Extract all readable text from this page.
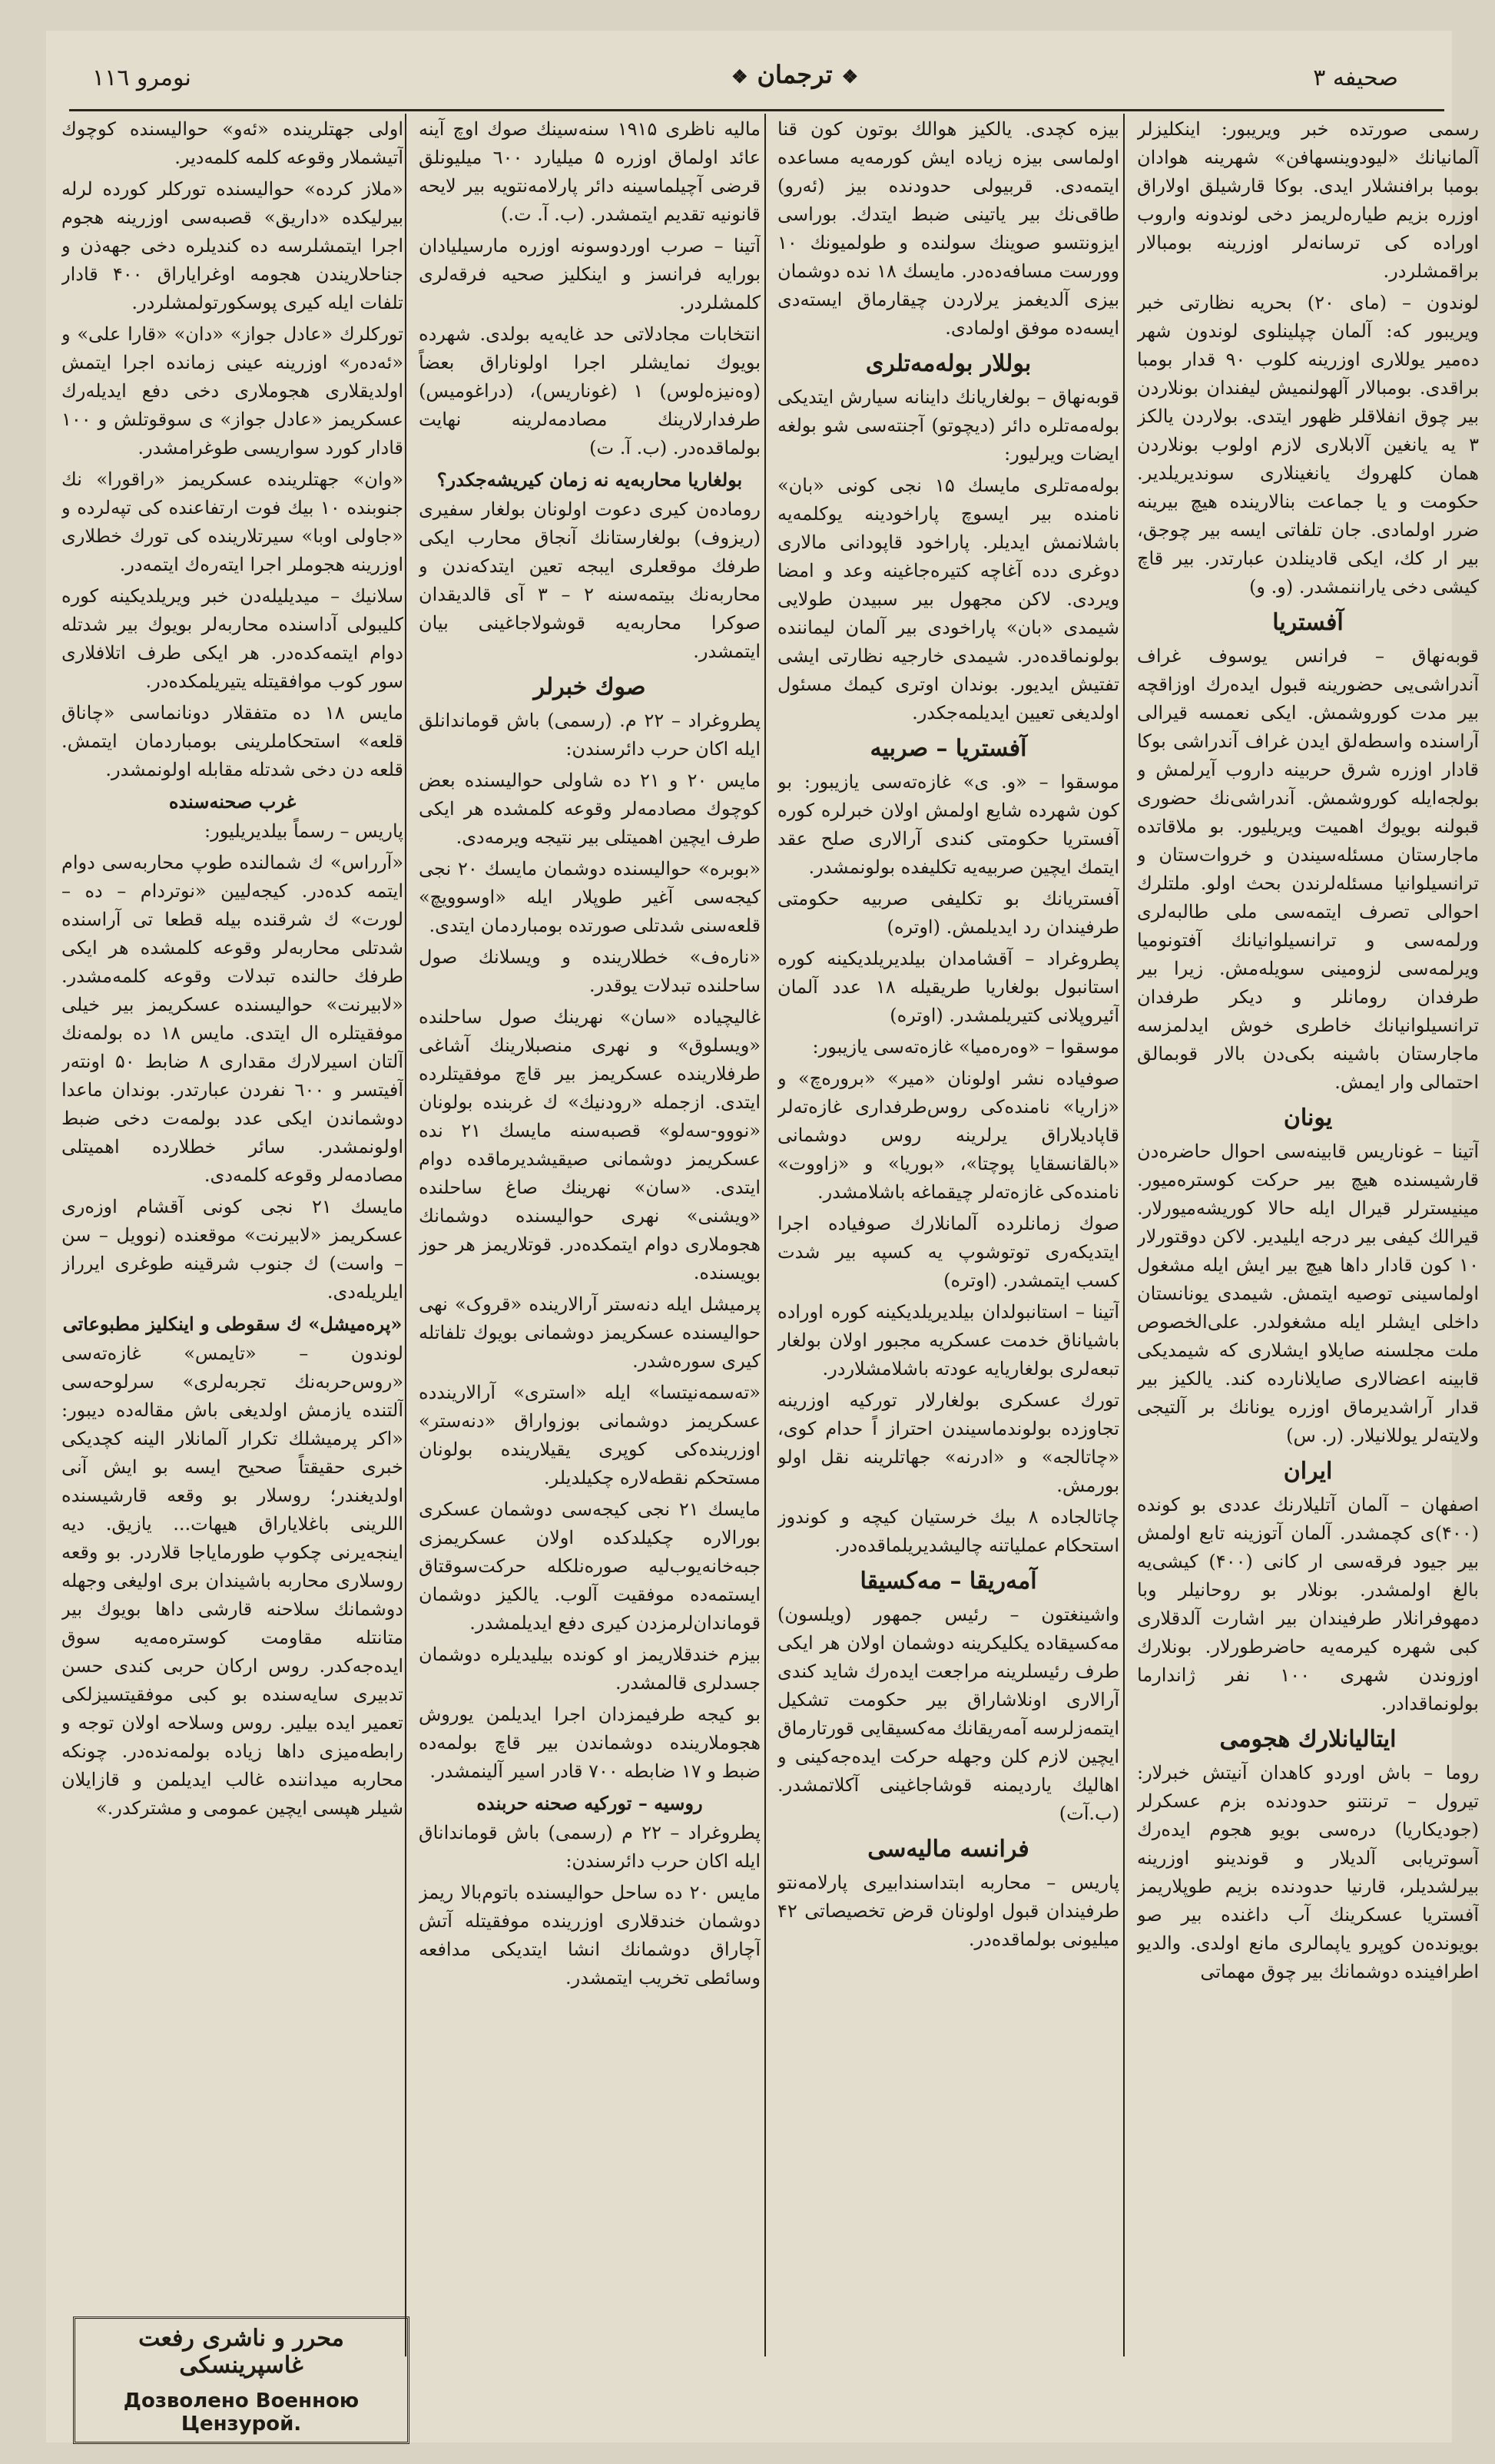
صحیفه ۳
❖ترجمان❖
نومرو ۱۱٦

رسمی صورتده خبر ویریبور: اینکلیزلر آلمانیانك «لیودوینسهافن» شهرینه هوادان بومبا برافنشلار ایدی. بوکا قارشیلق اولاراق اوزره بزیم طیاره‌لریمز دخی لوندونه واروب اوراده کی ترسانه‌لر اوزرینه بومبالار براقمشلردر.

لوندون – (مای ۲۰) بحریه نظارتی خبر ویریبور که: آلمان چپلینلوی لوندون شهر ده‌میر یوللاری اوزرینه کلوب ۹۰ قدار بومبا براقدی. بومبالار آلهولنمیش لیفندان بونلاردن بیر چوق انفلاقلر ظهور ایتدی. بولاردن یالکز ۳ یه یانغین آلابلاری لازم اولوب بونلاردن همان کلهروك یانغینلاری سوندیریلدیر. حکومت و یا جماعت بنالارینده هیچ بیرینه ضرر اولمادی. جان تلفاتی ایسه بیر چوجق، بیر ار کك، ایکی قادینلدن عبارتدر. بیر قاچ کیشی دخی یاراننمشدر. (و. و)

آفستریا

قوبه‌نهاق – فرانس یوسوف غراف آندراشی‌یی حضورینه قبول ایده‌رك اوزاقچه بیر مدت کوروشمش. ایکی نعمسه قیرالی آراسنده واسطه‌لق ایدن غراف آندراشی بوکا قادار اوزره شرق حربینه داروب آیرلمش و بولجه‌ایله کوروشمش. آندراشی‌نك حضوری قبولنه بویوك اهمیت ویریلیور. بو ملاقاتده ماجارستان مسئله‌سیندن و خروات‌ستان و ترانسیلوانیا مسئله‌لرندن بحث اولو. ملتلرك احوالی تصرف ایتمه‌سی ملی طالبه‌لری ورلمه‌سی و ترانسیلوانیانك آفتونومیا ویرلمه‌سی لزومینی سویله‌مش. زیرا بیر طرفدان رومانلر و دیکر طرفدان ترانسیلوانیانك خاطری خوش ایدلمزسه ماجارستان باشینه بکی‌دن بالار قوبمالق احتمالی وار ایمش.

یونان

آتینا – غوناریس قابینه‌سی احوال حاضره‌دن قارشیسنده هیچ بیر حرکت کوستره‌میور. مینیسترلر قیرال ایله حالا کوریشه‌میورلار. قیرالك کیفی بیر درجه ایلیدیر. لاکن دوقتورلار ۱۰ کون قادار داها هیچ بیر ایش ایله مشغول اولماسینی توصیه ایتمش. شیمدی یونانستان داخلی ایشلر ایله مشغولدر. علی‌الخصوص ملت مجلسنه صایلاو ایشلاری که شیمدیکی قابینه اعضالاری صایلانارده کند. یالکیز بیر قدار آراشدیرماق اوزره یونانك بر آلتیجی ولایته‌لر یوللانیلار. (ر. س)

ایران

اصفهان – آلمان آتلیلارنك عددی بو کونده (۴۰۰)ی کچمشدر. آلمان آتوزینه تابع اولمش بیر جیود فرقه‌سی ار کانی (۴۰۰) کیشی‌یه بالغ اولمشدر. بونلار بو روحانیلر وبا دمهوفرانلار طرفیندان بیر اشارت آلدقلاری کبی شهره کیرمه‌یه حاضرطورلار. بونلارك اوزوندن شهری ۱۰۰ نفر ژاندارما بولونماقدادر.

ایتالیانلارك هجومی

روما – باش اوردو کاهدان آنیتش خبرلار: تیرول – ترنتنو حدودنده بزم عسکرلر (جودیکاریا) دره‌سی بویو هجوم ایده‌رك آسوتریابی آلدیلار و قوندینو اوزرینه بیرلشدیلر، قارنیا حدودنده بزیم طوپلاریمز آفستریا عسکرینك آب داغنده بیر صو بویونده‌ن کوپرو یاپمالری مانع اولدی. والدیو اطرافینده دوشمانك بیر چوق مهماتی

بیزه کچدی. یالکیز هوالك بوتون کون قنا اولماسی بیزه زیاده ایش کورمه‌یه مساعده ایتمه‌دی. قربیولی حدودنده بیز (ئه‌رو) طاقی‌نك بیر یاتینی ضبط ایتدك. بوراسی ایزونتسو صوینك سولنده و طولمیونك ۱۰ وورست مسافه‌ده‌در. مایسك ۱۸ نده دوشمان بیزی آلدیغمز یرلاردن چیقارماق ایسته‌دی ایسه‌ده موفق اولمادی.

بوللار بوله‌مه‌تلری

قوبه‌نهاق – بولغاریانك داینانه سیارش ایتدیکی بوله‌مه‌تلره دائر (دیچوتو) آجنته‌سی شو بولغه ایضات ویرلیور:

بوله‌مه‌تلری مایسك ۱۵ نجی کونی «بان» نامنده بیر ایسوچ پاراخودینه یوکلمه‌یه باشلانمش ایدیلر. پاراخود قاپودانی مالاری دوغری دده آغاچه کتیره‌جاغینه وعد و امضا ویردی. لاکن مجهول بیر سبیدن طولایی شیمدی «بان» پاراخودی بیر آلمان لیماننده بولونماقده‌در. شیمدی خارجیه نظارتی ایشی تفتیش ایدیور. بوندان اوتری کیمك مسئول اولدیغی تعیین ایدیلمه‌جکدر.

آفستریا – صربیه

موسقوا – «و. ی» غازه‌ته‌سی یازیبور: بو کون شهرده شایع اولمش اولان خبرلره کوره آفستریا حکومتی کندی آرالاری صلح عقد ایتمك ایچین صربیه‌یه تکلیفده بولونمشدر.

آفستریانك بو تکلیفی صربیه حکومتی طرفیندان رد ایدیلمش. (اوتره)

پطروغراد – آقشامدان بیلدیریلدیکینه کوره استانبول بولغاریا طریقیله ۱۸ عدد آلمان آئیروپلانی کتیریلمشدر. (اوتره)

موسقوا – «وه‌ره‌میا» غازه‌ته‌سی یازیبور:

صوفیاده نشر اولونان «میر» «بروره‌چ» و «زاریا» نامنده‌کی روس‌طرفداری غازه‌ته‌لر قاپادیلاراق یرلرینه روس دوشمانی «بالقانسقایا پوچتا»، «بوریا» و «زاووت» نامنده‌کی غازه‌ته‌لر چیقماغه باشلامشدر.

صوك زمانلرده آلمانلارك صوفیاده اجرا ایتدیکه‌ری توتوشوپ یه کسپه بیر شدت کسب ایتمشدر. (اوتره)

آتینا – استانبولدان بیلدیریلدیکینه کوره اوراده باشیاناق خدمت عسکریه مجبور اولان بولغار تبعه‌لری بولغاریایه عودته باشلامشلاردر.

تورك عسکری بولغارلار تورکیه اوزرینه تجاوزده بولوندماسیندن احتراز اً حدام کوی، «چاتالجه» و «ادرنه» جهاتلرینه نقل اولو بورمش.

چاتالجاده ۸ بیك خرستیان کیچه و کوندوز استحکام عملیاتنه چالیشدیریلماقده‌در.

آمه‌ریقا – مه‌کسیقا

واشینغتون – رئیس جمهور (ویلسون) مه‌کسیقاده یکلیکرینه دوشمان اولان هر ایکی طرف رئیسلرینه مراجعت ایده‌رك شاید کندی آرالاری اونلاشاراق بیر حکومت تشکیل ایتمه‌زلرسه آمه‌ریقانك مه‌کسیقایی قورتارماق ایچین لازم کلن وجهله حرکت ایده‌جه‌کینی و اهالیك یاردیمنه قوشاجاغینی آکلاتمشدر. (ب.آت)

فرانسه مالیه‌سی

پاریس – محاربه ابتداسندابیری پارلامه‌نتو طرفیندان قبول اولونان قرض تخصیصاتی ۴۲ میلیونی بولماقده‌در.

مالیه ناظری ۱۹۱۵ سنه‌سینك صوك اوچ آینه عائد اولماق اوزره ۵ میلیارد ٦۰۰ میلیونلق قرضی آچیلماسینه دائر پارلامه‌نتویه بیر لایحه قانونیه تقدیم ایتمشدر. (ب. آ. ت.)

آتینا – صرب اوردوسونه اوزره مارسیلیادان بورایه فرانسز و اینکلیز صحیه فرقه‌لری کلمشلردر.

انتخابات مجادلاتی حد غایه‌یه بولدی. شهرده بویوك نمایشلر اجرا اولوناراق بعضاً (وه‌نیزه‌لوس) ۱ (غوناریس)، (دراغومیس) طرفدارلارینك مصادمه‌لرینه نهایت بولماقده‌در. (ب. آ. ت)

بولغاریا محاربه‌یه نه زمان کیریشه‌جکدر؟

روماده‌ن کیری دعوت اولونان بولغار سفیری (ریزوف) بولغارستانك آنجاق محارب ایکی طرفك موقعلری ایبجه تعین ایتدکه‌ندن و محاربه‌نك بیتمه‌سنه ۲ – ۳ آی قالدیقدان صوکرا محاربه‌یه قوشولاجاغینی بیان ایتمشدر.

صوك خبرلر

پطروغراد – ۲۲ م. (رسمی) باش قوماندانلق ایله اکان حرب دائرسندن:

مایس ۲۰ و ۲۱ ده شاولی حوالیسنده بعض کوچوك مصادمه‌لر وقوعه کلمشده هر ایکی طرف ایچین اهمیتلی بیر نتیجه ویرمه‌دی.

«بوبره» حوالیسنده دوشمان مایسك ۲۰ نجی کیجه‌سی آغیر طوپلار ایله «اوسوویچ» قلعه‌سنی شدتلی صورتده بومباردمان ایتدی.

«ناره‌ف» خطلارینده و ویسلانك صول ساحلنده تبدلات یوقدر.

غالیچیاده «سان» نهرینك صول ساحلنده «ویسلوق» و نهری منصبلارینك آشاغی طرفلارینده عسکریمز بیر قاچ موفقیتلرده ایتدی. ازجمله «رودنیك» ك غربنده بولونان «نووو-سه‌لو» قصبه‌سنه مایسك ۲۱ نده عسکریمز دوشمانی صیقیشدیرماقده دوام ایتدی. «سان» نهرینك صاغ ساحلنده «ویشنی» نهری حواليسنده دوشمانك هجوملاری دوام ایتمکده‌در. قوتلاریمز هر حوز بویسنده.

پرمیشل ایله دنه‌ستر آرالارینده «قروک» نهی حوالیسنده عسکریمز دوشمانی بویوك تلفاتله کیری سوره‌شدر.

«ته‌سمه‌نیتسا» ایله «استری» آرالاریندده عسکریمز دوشمانی بوزواراق «دنه‌ستر» اوزرینده‌کی کوپری یقیلارینده بولونان مستحکم نقطه‌لاره چکیلدیلر.

مایسك ۲۱ نجی کیجه‌سی دوشمان عسکری بورالاره چکیلدکده اولان عسکریمزی جبه‌خانه‌یوب‌لیه صوره‌نلکله حرکت‌سوقتاق ایستمه‌ده موفقیت آلوب. یالکیز دوشمان قوماندان‌لرمزدن کیری دفع ایدیلمشدر.

بیزم خندقلاریمز او کونده بیلیدیلره دوشمان جسدلری قالمشدر.

بو کیجه طرفیمزدان اجرا ایدیلمن یوروش هجوملارینده دوشماندن بیر قاچ بولمه‌ده ضبط و ۱۷ ضابطه ۷۰۰ قادر اسیر آلینمشدر.

روسیه – تورکیه صحنه حربنده

پطروغراد – ۲۲ م (رسمی) باش قومانداناق ایله اکان حرب دائرسندن:

مایس ۲۰ ده ساحل حوالیسنده باتوم‌بالا ریمز دوشمان خندقلاری اوزرینده موفقیتله آتش آچاراق دوشمانك انشا ایتدیکی مدافعه وسائطی تخریب ایتمشدر.

اولی جهتلرینده «ئه‌و» حوالیسنده کوچوك آتیشملار وقوعه کلمه کلمه‌دیر.

«ملاز کرده» حوالیسنده تورکلر کورده لرله بیرلیکده «داریق» قصبه‌سی اوزرینه هجوم اجرا ایتمشلرسه ده کندیلره دخی جهه‌ذن و جناحلاریندن هجومه اوغرایاراق ۴۰۰ قادار تلفات ایله کیری پوسکورتولمشلردر.

تورکلرك «عادل جواز» «دان» «قارا علی» و «ئه‌ده‌ر» اوزرینه عینی زمانده اجرا ایتمش اولدیقلاری هجوملاری دخی دفع ایدیله‌رك عسکریمز «عادل جواز» ی سوقوتلش و ۱۰۰ قادار کورد سواریسی طوغرامشدر.

«وان» جهتلرینده عسکریمز «راقورا» نك جنوبنده ۱۰ بیك فوت ارتفاعنده کی تپه‌لرده و «جاولی اوبا» سیرتلارینده کی تورك خطلاری اوزرینه هجوملر اجرا ایته‌ره‌ك ایتمه‌در.

سلانیك – میدیلیله‌دن خبر ویریلدیکینه کوره کلیبولی آداسنده محاربه‌لر بویوك بیر شدتله دوام ایتمه‌کده‌در. هر ایکی طرف اتلافلاری سور کوب موافقیتله یتیریلمکده‌در.

مایس ۱۸ ده متفقلار دونانماسی «چاناق قلعه» استحکاملرینی بومباردمان ایتمش. قلعه دن دخی شدتله مقابله اولونمشدر.

غرب صحنه‌سنده

پاریس – رسماً بیلدیریلیور:

«آرراس» ك شمالنده طوپ محاربه‌سی دوام ایتمه کده‌در. کیجه‌لیین «نوتردام – ده – لورت» ك شرقنده بیله‌ قطعا تی آراسنده شدتلی محاربه‌لر وقوعه کلمشده هر ایکی طرفك حالنده تبدلات وقوعه کلمه‌مشدر. «لابیرنت» حوالیسنده عسکریمز بیر خیلی موفقیتلره ال ایتدی. مایس ۱۸ ده بولمه‌نك آلتان اسیرلارك مقداری ۸ ضابط ۵۰ اونته‌ر آفیتسر و ٦۰۰ نفردن عبارتدر. بوندان ماعدا دوشماندن ایکی عدد بولمه‌ت دخی ضبط اولونمشدر. سائر خطلارده اهمیتلی مصادمه‌لر وقوعه کلمه‌دی.

مایسك ۲۱ نجی کونی آقشام اوزه‌ری عسکریمز «لابیرنت» موقعنده (نوویل – سن – واست) ك جنوب شرقینه طوغری ایرراز ایلریله‌دی.

«پره‌میشل» ك سقوطی و اینکلیز مطبوعاتی

لوندون – «تایمس» غازه‌ته‌سی «روس‌حربه‌نك تجربه‌لری» سرلوحه‌سی آلتنده یازمش اولدیغی باش مقاله‌ده دیبور: «اکر پرمیشلك تکرار آلمانلار الینه کچدیکی خبری حقیقتاً صحیح ایسه بو ایش آنی اولدیغندر؛ روسلار بو وقعه قارشیسنده اللرینی باغلایاراق هیهات... یازیق. دیه اینجه‌یرنی چکوپ طورمایاجا قلاردر. بو وقعه روسلاری محاربه باشیندان بری اوليغی وجهله دوشمانك سلاحنه قارشی داها بویوك بیر متانتله مقاومت کوستره‌مه‌یه سوق ایده‌جه‌کدر. روس ارکان حربی کندی حسن تدبیری سایه‌سنده بو کبی موفقیتسیزلکی تعمیر ایده بیلیر. روس وسلاحه اولان توجه و رابطه‌میزی داها زیاده بولمه‌نده‌در. چونکه محاربه میداننده غالب ایدیلمن و قازایلان شیلر هپسی ایچین عمومی و مشترکدر.»

محرر و ناشری رفعت غاسپرینسکی
Дозволено Военною Цензурой.
